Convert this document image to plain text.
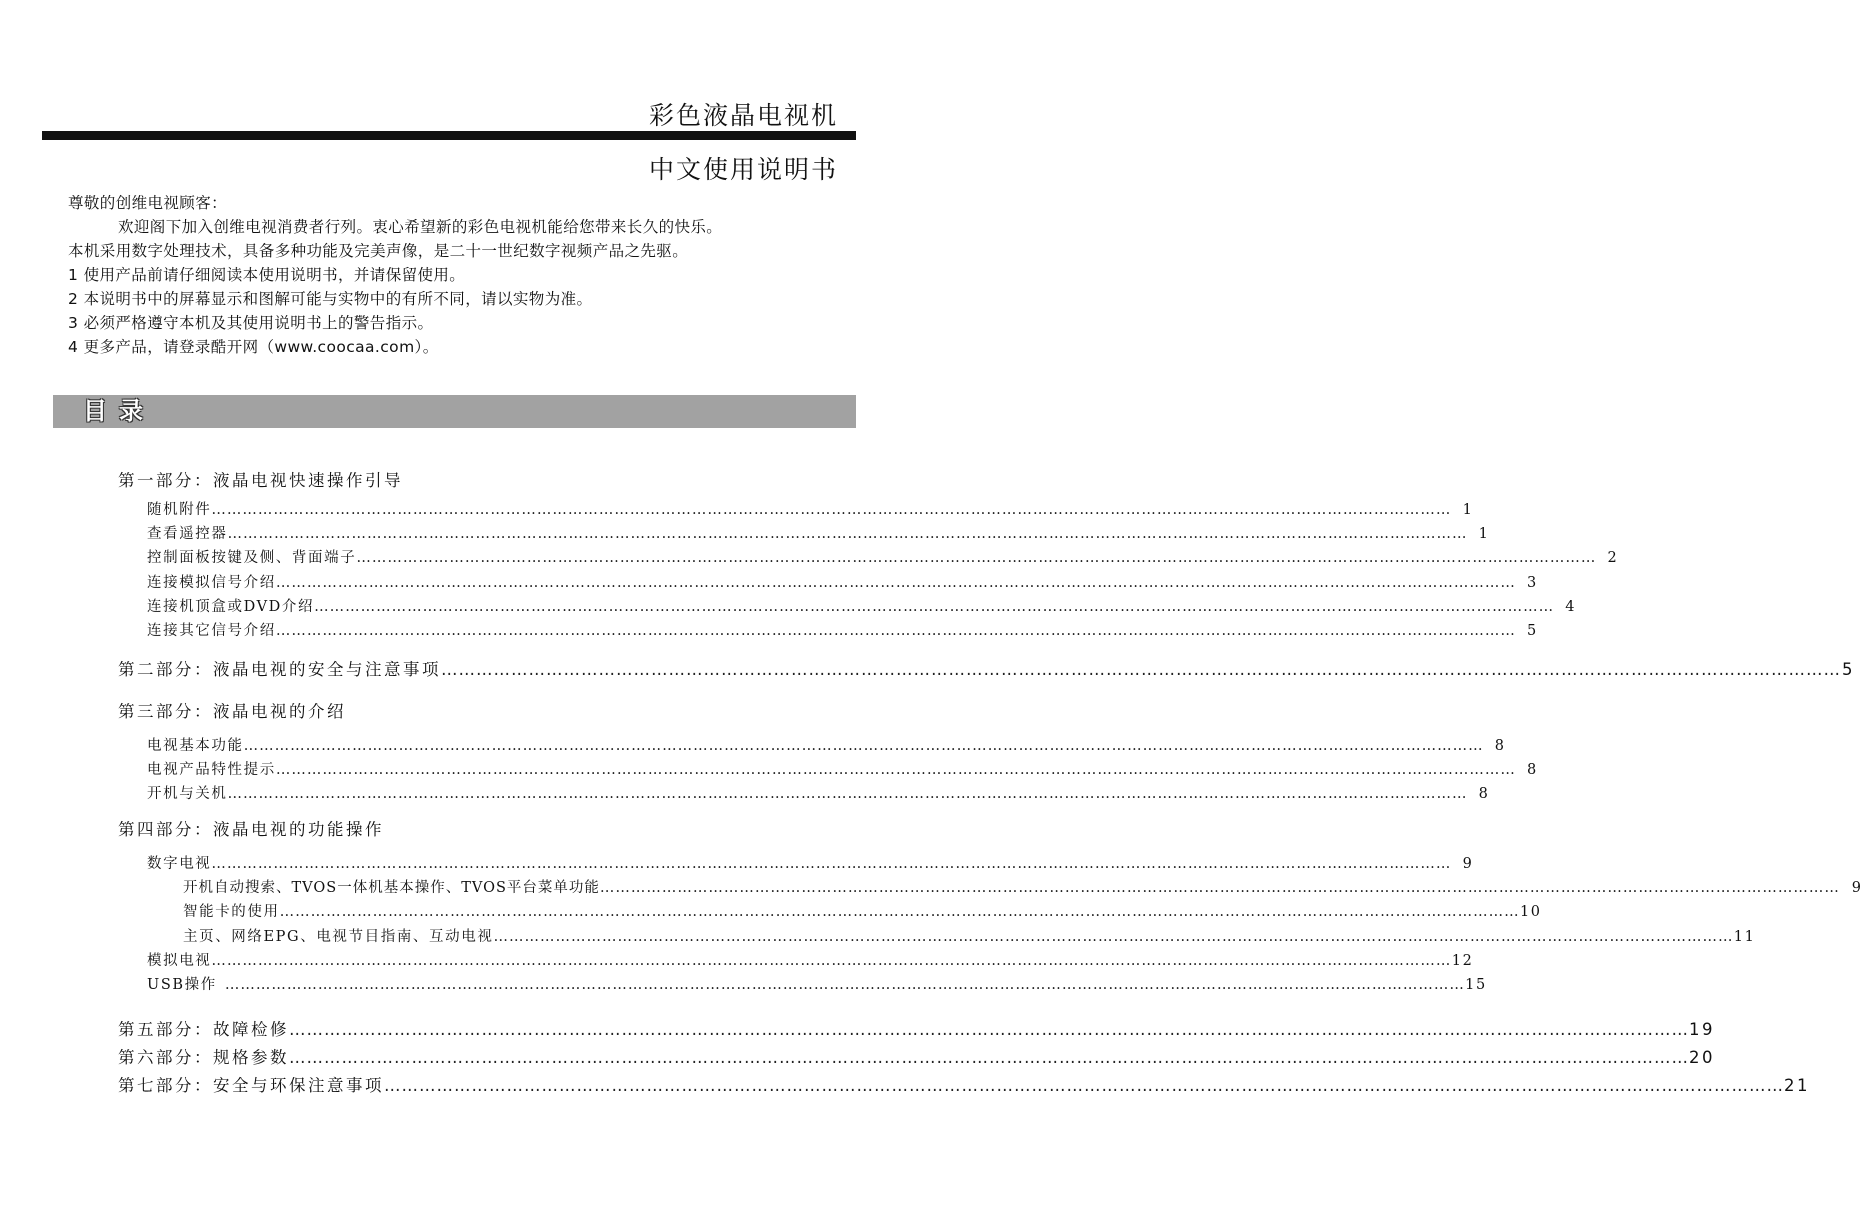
彩色液晶电视机
中文使用说明书

尊敬的创维电视顾客：

欢迎阁下加入创维电视消费者行列。衷心希望新的彩色电视机能给您带来长久的快乐。

本机采用数字处理技术，具备多种功能及完美声像，是二十一世纪数字视频产品之先驱。

1 使用产品前请仔细阅读本使用说明书，并请保留使用。

2 本说明书中的屏幕显示和图解可能与实物中的有所不同，请以实物为准。

3 必须严格遵守本机及其使用说明书上的警告指示。

4 更多产品，请登录酷开网（www.coocaa.com）。

目录
第一部分：液晶电视快速操作引导
随机附件 …………………………………………………………………………………………………………………………………………………………………………………………………………………… 1
查看遥控器 …………………………………………………………………………………………………………………………………………………………………………………………………………………… 1
控制面板按键及侧、背面端子 …………………………………………………………………………………………………………………………………………………………………………………………………………………… 2
连接模拟信号介绍 …………………………………………………………………………………………………………………………………………………………………………………………………………………… 3
连接机顶盒或DVD介绍 …………………………………………………………………………………………………………………………………………………………………………………………………………………… 4
连接其它信号介绍 …………………………………………………………………………………………………………………………………………………………………………………………………………………… 5
第二部分：液晶电视的安全与注意事项 …………………………………………………………………………………………………………………………………………………………………………………………………………………… 5
第三部分：液晶电视的介绍
电视基本功能 …………………………………………………………………………………………………………………………………………………………………………………………………………………… 8
电视产品特性提示 …………………………………………………………………………………………………………………………………………………………………………………………………………………… 8
开机与关机 …………………………………………………………………………………………………………………………………………………………………………………………………………………… 8
第四部分：液晶电视的功能操作
数字电视 …………………………………………………………………………………………………………………………………………………………………………………………………………………… 9
开机自动搜索、TVOS一体机基本操作、TVOS平台菜单功能 …………………………………………………………………………………………………………………………………………………………………………………………………………………… 9
智能卡的使用 …………………………………………………………………………………………………………………………………………………………………………………………………………………… 10
主页、网络EPG、电视节目指南、互动电视 …………………………………………………………………………………………………………………………………………………………………………………………………………………… 11
模拟电视 …………………………………………………………………………………………………………………………………………………………………………………………………………………… 12
USB操作 …………………………………………………………………………………………………………………………………………………………………………………………………………………… 15
第五部分：故障检修 …………………………………………………………………………………………………………………………………………………………………………………………………………………… 19
第六部分：规格参数 …………………………………………………………………………………………………………………………………………………………………………………………………………………… 20
第七部分：安全与环保注意事项 …………………………………………………………………………………………………………………………………………………………………………………………………………………… 21
